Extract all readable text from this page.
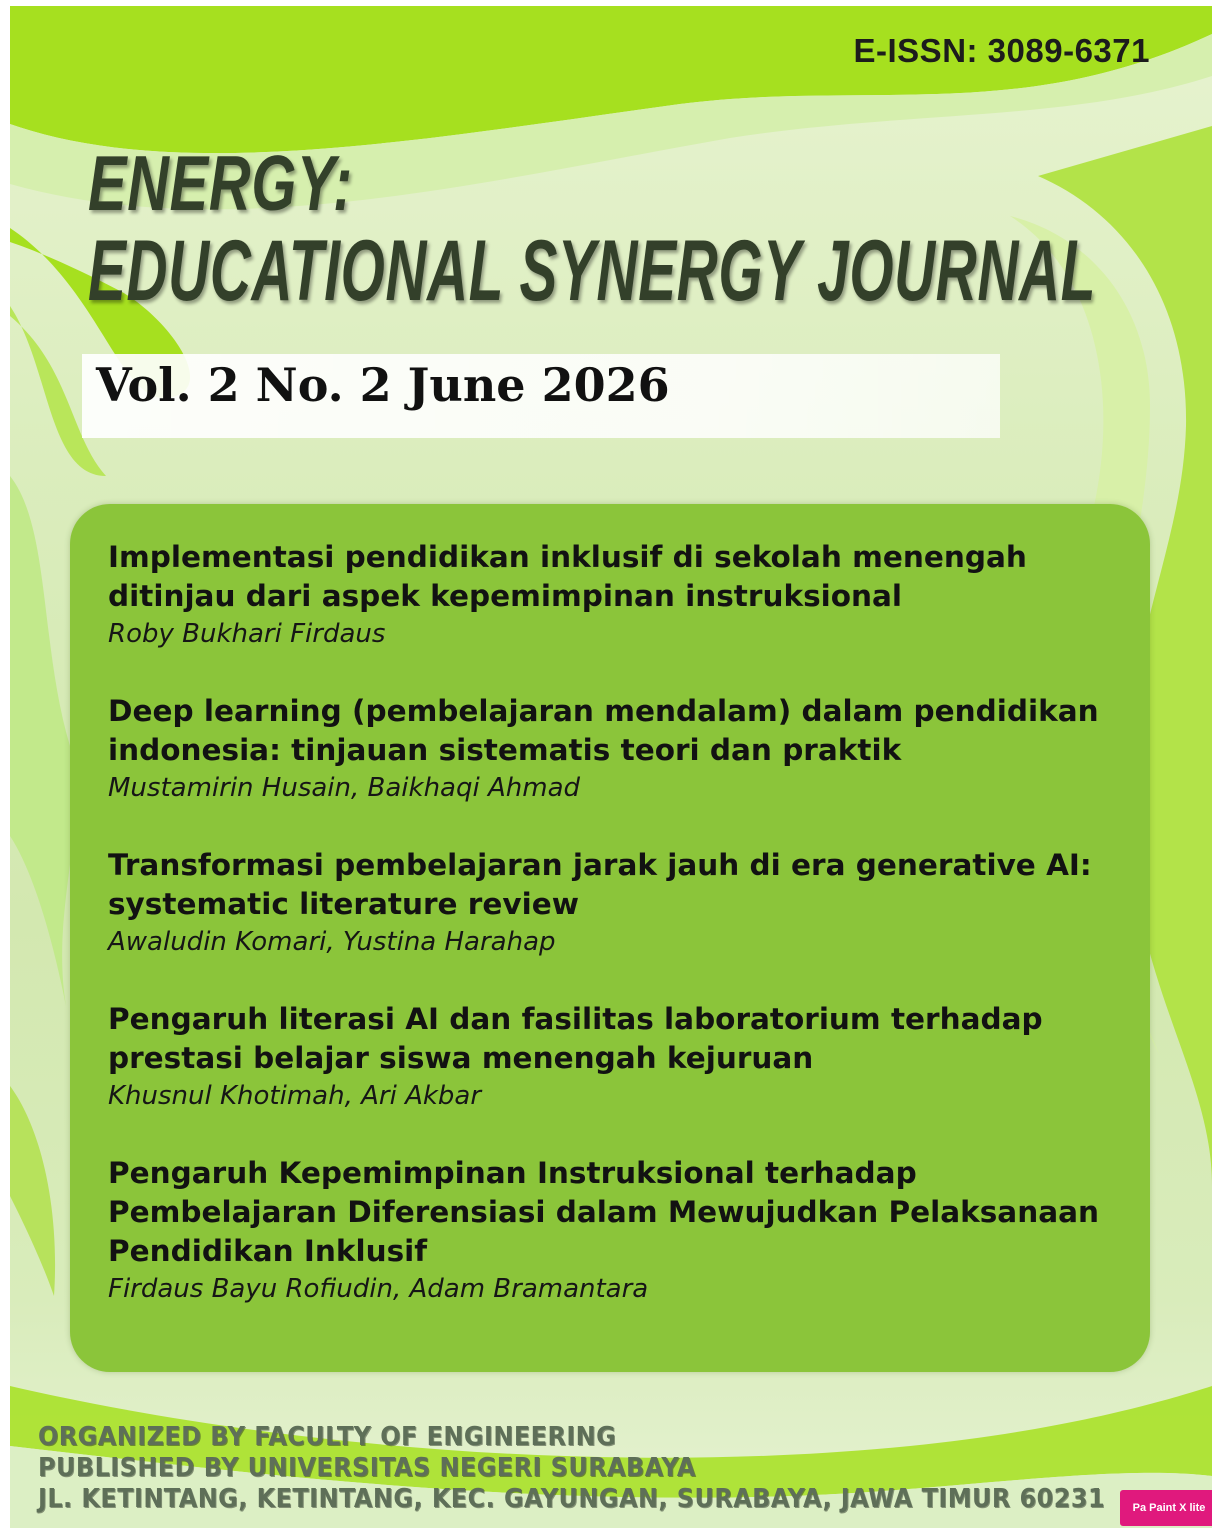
E-ISSN: 3089-6371
ENERGY:
EDUCATIONAL SYNERGY JOURNAL
Vol. 2 No. 2 June 2026
Implementasi pendidikan inklusif di sekolah menengah ditinjau dari aspek kepemimpinan instruksional
Roby Bukhari Firdaus
Deep learning (pembelajaran mendalam) dalam pendidikan indonesia: tinjauan sistematis teori dan praktik
Mustamirin Husain, Baikhaqi Ahmad
Transformasi pembelajaran jarak jauh di era generative AI: systematic literature review
Awaludin Komari, Yustina Harahap
Pengaruh literasi AI dan fasilitas laboratorium terhadap prestasi belajar siswa menengah kejuruan
Khusnul Khotimah, Ari Akbar
Pengaruh Kepemimpinan Instruksional terhadap Pembelajaran Diferensiasi dalam Mewujudkan Pelaksanaan Pendidikan Inklusif
Firdaus Bayu Rofiudin, Adam Bramantara
ORGANIZED BY FACULTY OF ENGINEERING
PUBLISHED BY UNIVERSITAS NEGERI SURABAYA
JL. KETINTANG, KETINTANG, KEC. GAYUNGAN, SURABAYA, JAWA TIMUR 60231	Pa Paint X lite
